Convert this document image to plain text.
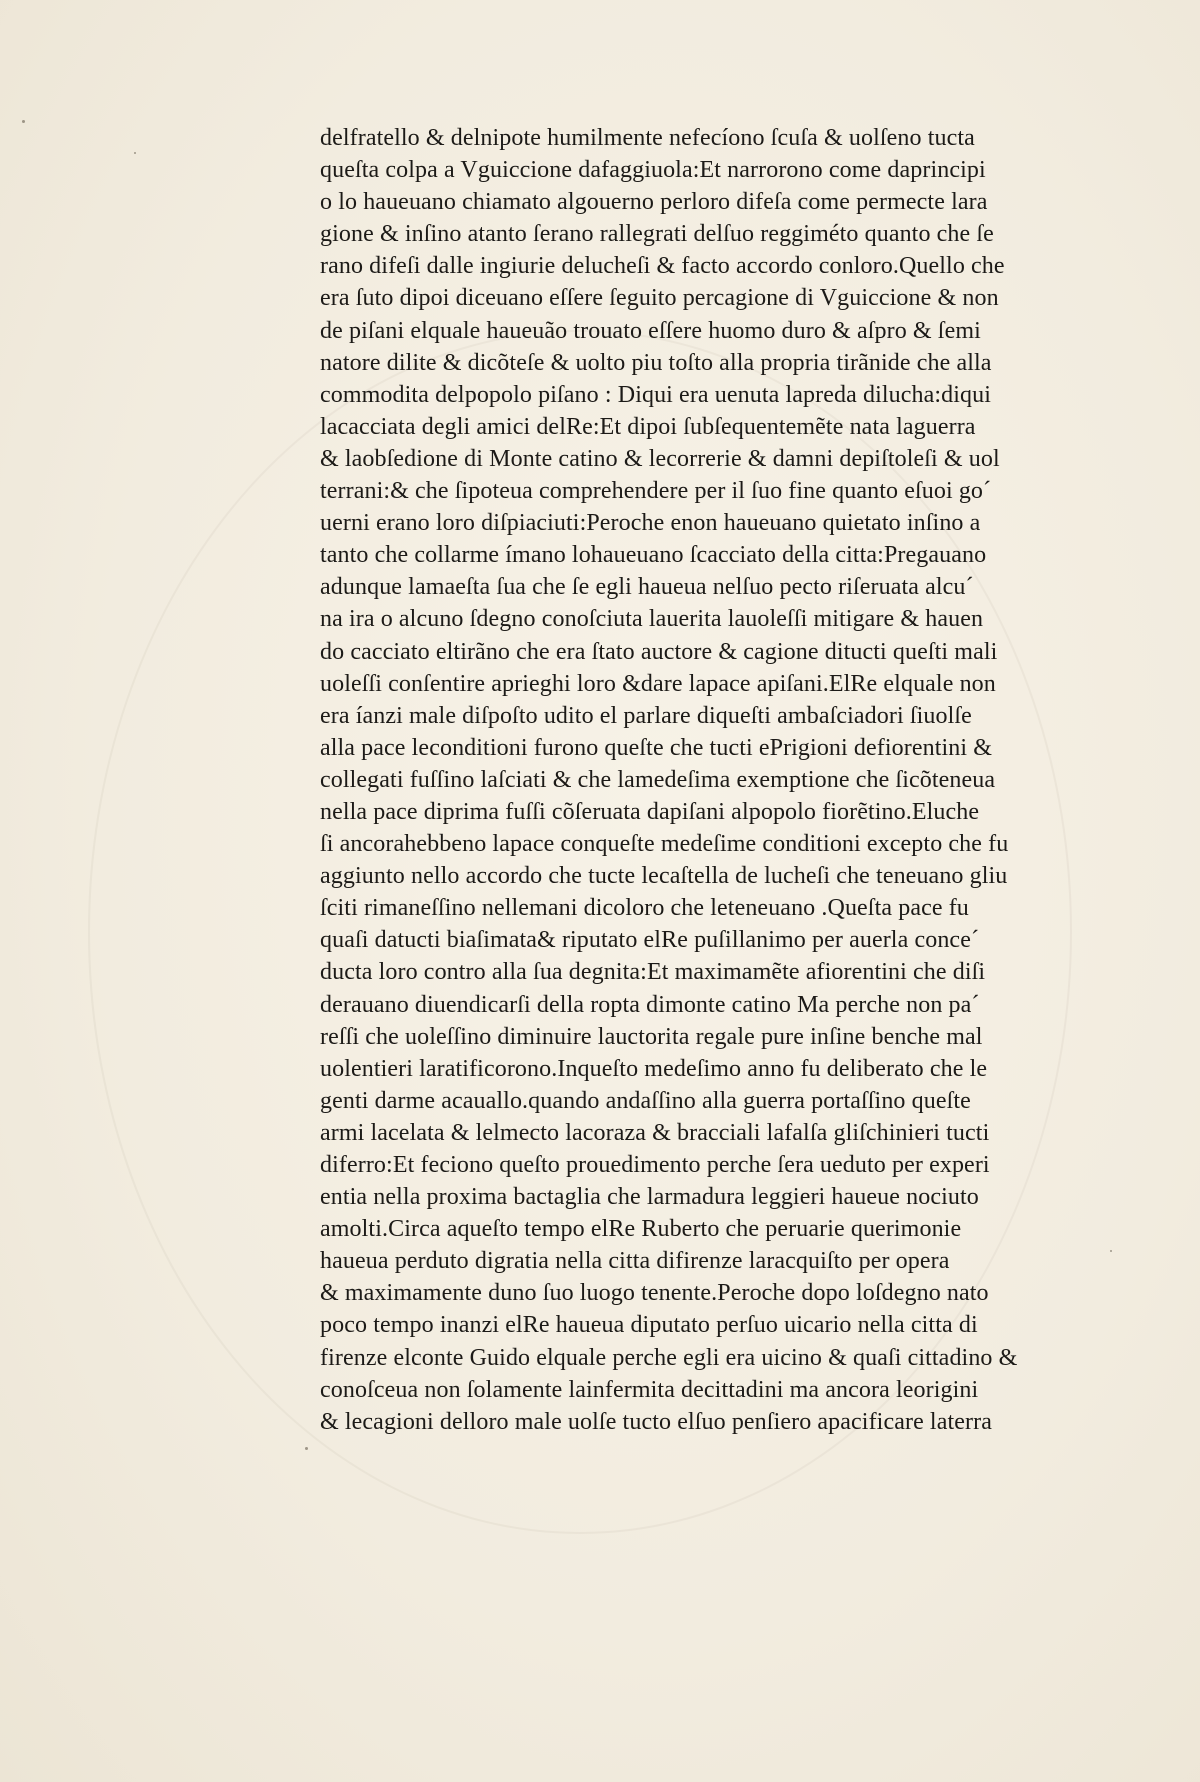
delfratello & delnipote humilmente nefecíono ſcuſa & uolſeno tucta
queſta colpa a Vguiccione dafaggiuola:Et narrorono come daprincipi
o lo haueuano chiamato algouerno perloro difeſa come permecte lara
gione & inſino atanto ſerano rallegrati delſuo reggiméto quanto che ſe
rano difeſi dalle ingiurie delucheſi & facto accordo conloro.Quello che
era ſuto dipoi diceuano eſſere ſeguito percagione di Vguiccione & non
de piſani elquale haueuão trouato eſſere huomo duro & aſpro & ſemi
natore dilite & dicõteſe & uolto piu toſto alla propria tirãnide che alla
commodita delpopolo piſano : Diqui era uenuta lapreda dilucha:diqui
lacacciata degli amici delRe:Et dipoi ſubſequentemẽte nata laguerra
& laobſedione di Monte catino & lecorrerie & damni depiſtoleſi & uol
terrani:& che ſipoteua comprehendere per il ſuo fine quanto eſuoi go´
uerni erano loro diſpiaciuti:Peroche enon haueuano quietato inſino a
tanto che collarme ímano lohaueuano ſcacciato della citta:Pregauano
adunque lamaeſta ſua che ſe egli haueua nelſuo pecto riſeruata alcu´
na ira o alcuno ſdegno conoſciuta lauerita lauoleſſi mitigare & hauen
do cacciato eltirãno che era ſtato auctore & cagione ditucti queſti mali
uoleſſi conſentire aprieghi loro &dare lapace apiſani.ElRe elquale non
era íanzi male diſpoſto udito el parlare diqueſti ambaſciadori ſiuolſe
alla pace leconditioni furono queſte che tucti ePrigioni defiorentini &
collegati fuſſino laſciati & che lamedeſima exemptione che ſicõteneua
nella pace diprima fuſſi cõſeruata dapiſani alpopolo fiorẽtino.Eluche
ſi ancorahebbeno lapace conqueſte medeſime conditioni excepto che fu
aggiunto nello accordo che tucte lecaſtella de lucheſi che teneuano gliu
ſciti rimaneſſino nellemani dicoloro che leteneuano .Queſta pace fu
quaſi datucti biaſimata& riputato elRe puſillanimo per auerla conce´
ducta loro contro alla ſua degnita:Et maximamẽte afiorentini che diſi
derauano diuendicarſi della ropta dimonte catino Ma perche non pa´
reſſi che uoleſſino diminuire lauctorita regale pure inſine benche mal
uolentieri laratificorono.Inqueſto medeſimo anno fu deliberato che le
genti darme acauallo.quando andaſſino alla guerra portaſſino queſte
armi lacelata & lelmecto lacoraza & bracciali lafalſa gliſchinieri tucti
diferro:Et feciono queſto prouedimento perche ſera ueduto per experi
entia nella proxima bactaglia che larmadura leggieri haueue nociuto
amolti.Circa aqueſto tempo elRe Ruberto che peruarie querimonie
haueua perduto digratia nella citta difirenze laracquiſto per opera
& maximamente duno ſuo luogo tenente.Peroche dopo loſdegno nato
poco tempo inanzi elRe haueua diputato perſuo uicario nella citta di
firenze elconte Guido elquale perche egli era uicino & quaſi cittadino &
conoſceua non ſolamente lainfermita decittadini ma ancora leorigini
& lecagioni delloro male uolſe tucto elſuo penſiero apacificare laterra
